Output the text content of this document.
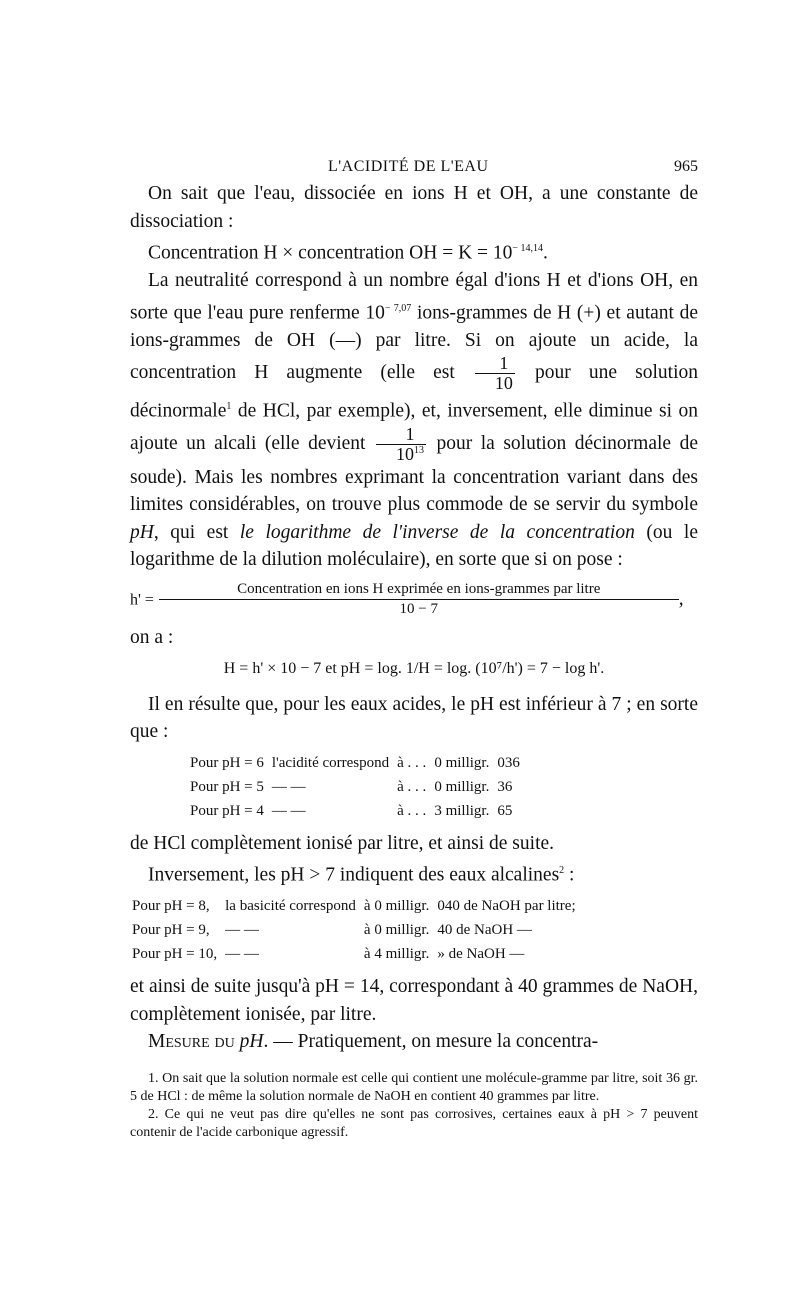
L'ACIDITÉ DE L'EAU	965

On sait que l'eau, dissociée en ions H et OH, a une constante de dissociation :

Concentration H × concentration OH = $K = 10^{- 14,14}$.

La neutralité correspond à un nombre égal d'ions H et d'ions OH, en sorte que l'eau pure renferme $10^{- 7,07}$ ions-grammes de H (+) et autant de ions-grammes de OH (—) par litre. Si on ajoute un acide, la concentration H augmente (elle est $\frac{1}{10}$ pour une solution décinormale$^1$ de HCl, par exemple), et, inversement, elle diminue si on ajoute un alcali (elle devient $\frac{1}{10^{13}}$ pour la solution décinormale de soude). Mais les nombres exprimant la concentration variant dans des limites considérables, on trouve plus commode de se servir du symbole pH, qui est le logarithme de l'inverse de la concentration (ou le logarithme de la dilution moléculaire), en sorte que si on pose :

$h' = \frac{\text{Concentration en ions H exprimée en ions-grammes par litre}}{10 - 7}$ ,

on a :

H = h' × 10 − 7 et pH = log. 1/H = log. (10⁷/h') = 7 − log h'.

Il en résulte que, pour les eaux acides, le pH est inférieur à 7 ; en sorte que :

Pour pH = 6	l'acidité correspond	à . . .	0 milligr.	036
Pour pH = 5	— —	à . . .	0 milligr.	36
Pour pH = 4	— —	à . . .	3 milligr.	65

de HCl complètement ionisé par litre, et ainsi de suite.

Inversement, les pH > 7 indiquent des eaux alcalines$^2$ :

Pour pH = 8,	la basicité correspond	à 0 milligr.	040 de NaOH par litre;
Pour pH = 9,	— —	à 0 milligr.	40 de NaOH —
Pour pH = 10,	— —	à 4 milligr.	» de NaOH —

et ainsi de suite jusqu'à pH = 14, correspondant à 40 grammes de NaOH, complètement ionisée, par litre.

Mesure du pH. — Pratiquement, on mesure la concentra-

1. On sait que la solution normale est celle qui contient une molécule-gramme par litre, soit 36 gr. 5 de HCl : de même la solution normale de NaOH en contient 40 grammes par litre.

2. Ce qui ne veut pas dire qu'elles ne sont pas corrosives, certaines eaux à pH > 7 peuvent contenir de l'acide carbonique agressif.
